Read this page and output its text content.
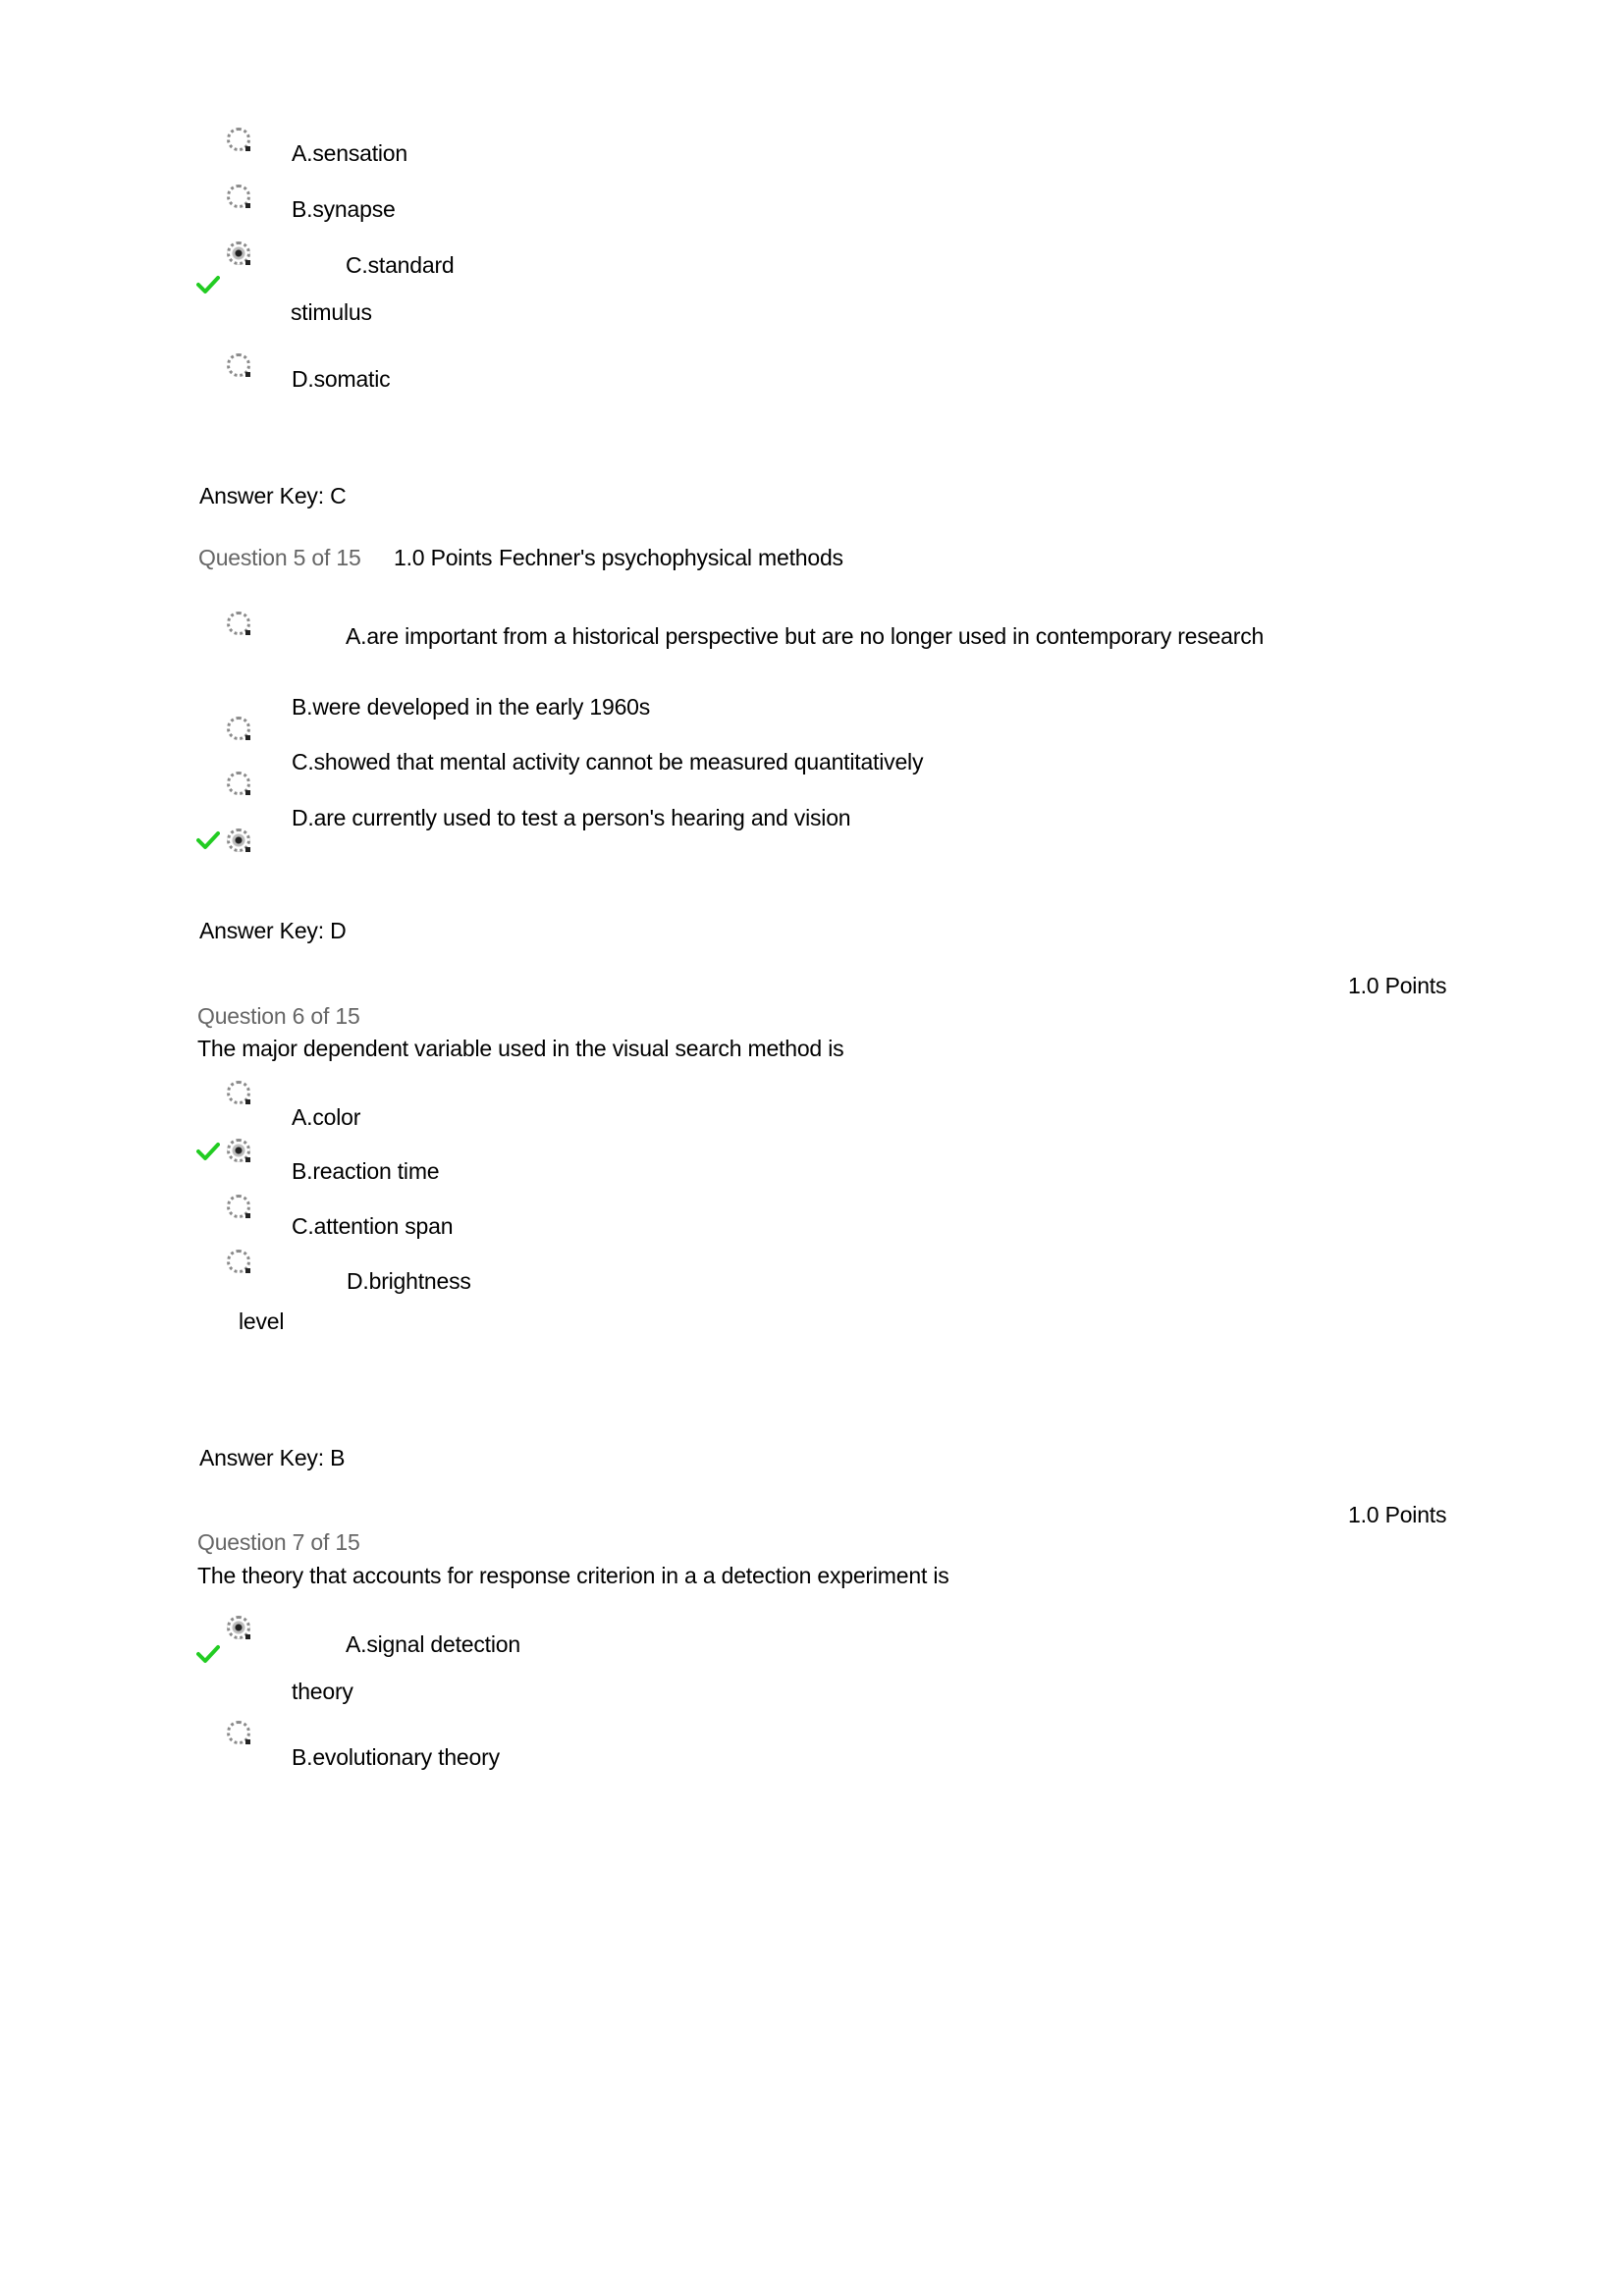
A.sensation
B.synapse
C.standard
stimulus
D.somatic
Answer Key: C
Question 5 of 15 1.0 Points Fechner's psychophysical methods
A.are important from a historical perspective but are no longer used in contemporary research
B.were developed in the early 1960s
C.showed that mental activity cannot be measured quantitatively
D.are currently used to test a person's hearing and vision
Answer Key: D
1.0 Points
Question 6 of 15
The major dependent variable used in the visual search method is
A.color
B.reaction time
C.attention span
D.brightness
level
Answer Key: B
1.0 Points
Question 7 of 15
The theory that accounts for response criterion in a a detection experiment is
A.signal detection
theory
B.evolutionary theory
